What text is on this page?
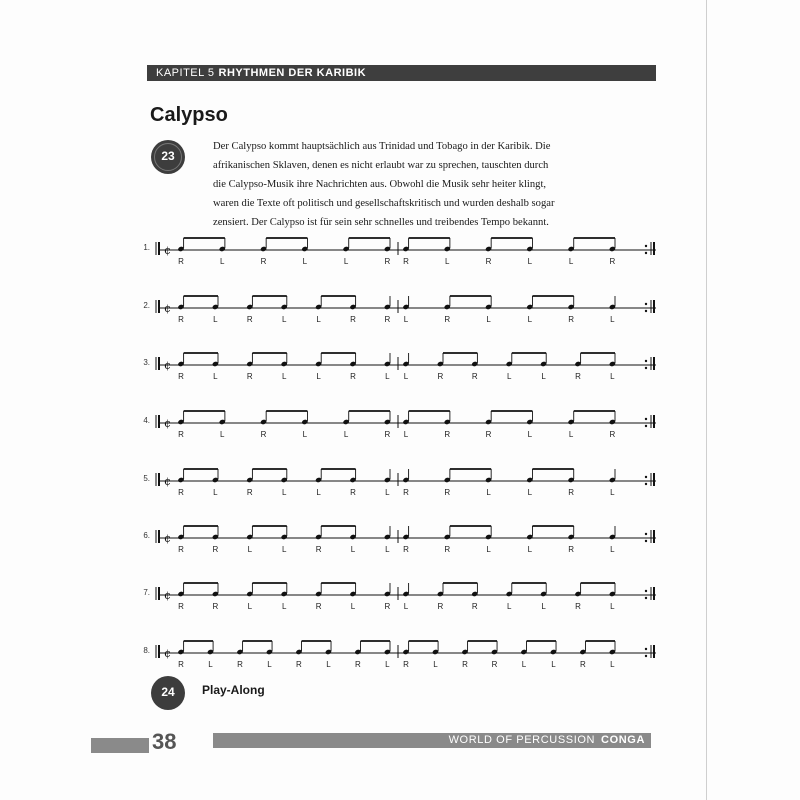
KAPITEL 5 RHYTHMEN DER KARIBIK
Calypso
23
Der Calypso kommt hauptsächlich aus Trinidad und Tobago in der Karibik. Die
afrikanischen Sklaven, denen es nicht erlaubt war zu sprechen, tauschten durch
die Calypso-Musik ihre Nachrichten aus. Obwohl die Musik sehr heiter klingt,
waren die Texte oft politisch und gesellschaftskritisch und wurden deshalb sogar
zensiert. Der Calypso ist für sein sehr schnelles und treibendes Tempo bekannt.
1. ¢
R	L	R	L	L	R R	L	R	L	L	R
2. ¢
R	L	R	L	L	R	R	L	R	L	L	R	L
3. ¢
R	L	R	L	L	R	L	L	R	R	L	L	R	L
4. ¢
R	L	R	L	L	R	L	R	R	L	L	R
5. ¢
R	L	R	L	L	R	L	R	R	L	L	R	L
6. ¢
R	R	L	L	R	L	L	R	R	L	L	R	L
7. ¢
R	R	L	L	R	L	R	L	R	R	L	L	R	L
8. ¢
R	L	R	L	R	L	R	L	R	L	R	R	L	L	R	L
24	Play-Along
38	WORLD OF PERCUSSION CONGA
